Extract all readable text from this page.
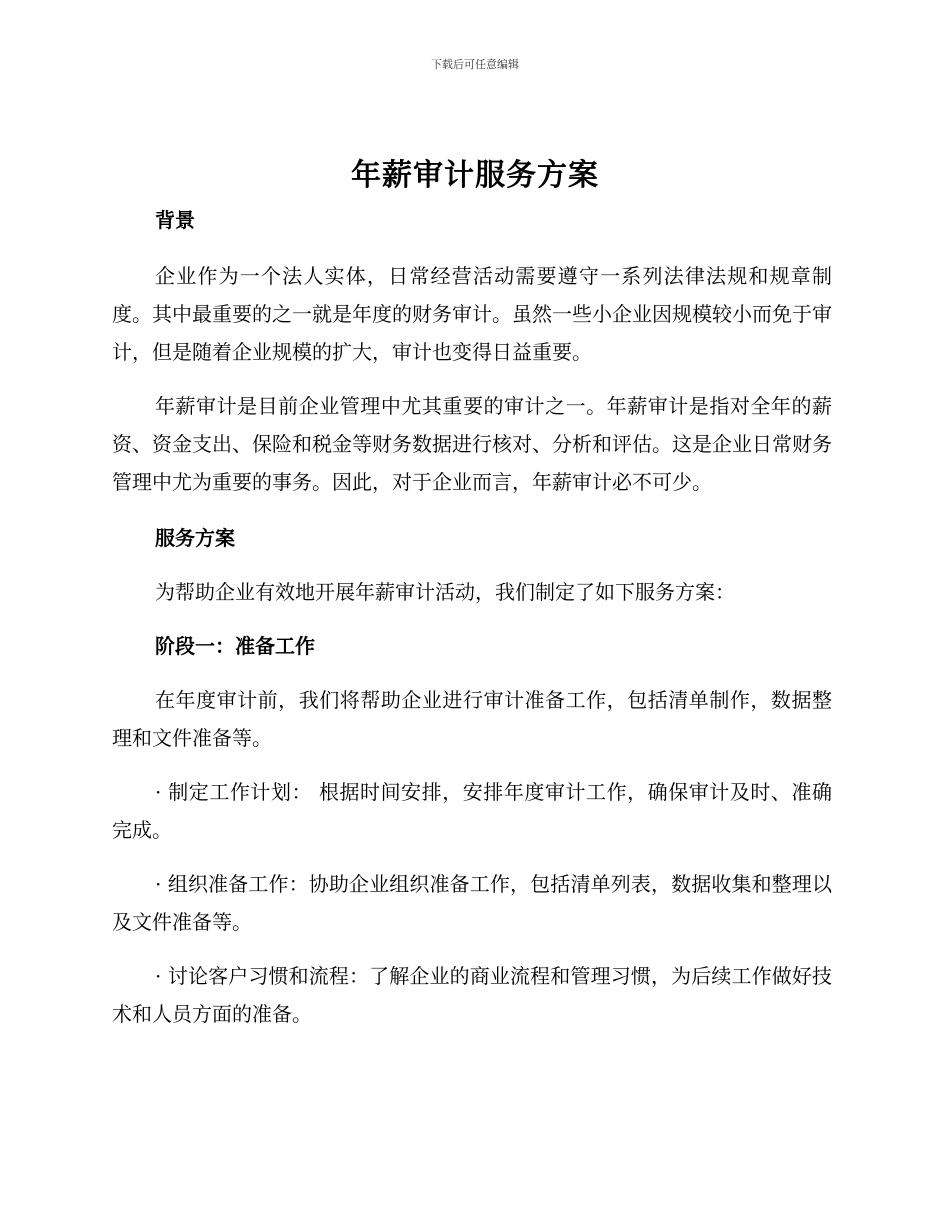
下载后可任意编辑
年薪审计服务方案

背景

企业作为一个法人实体，日常经营活动需要遵守一系列法律法规和规章制度。其中最重要的之一就是年度的财务审计。虽然一些小企业因规模较小而免于审计，但是随着企业规模的扩大，审计也变得日益重要。

年薪审计是目前企业管理中尤其重要的审计之一。年薪审计是指对全年的薪资、资金支出、保险和税金等财务数据进行核对、分析和评估。这是企业日常财务管理中尤为重要的事务。因此，对于企业而言，年薪审计必不可少。

服务方案

为帮助企业有效地开展年薪审计活动，我们制定了如下服务方案：

阶段一：准备工作

在年度审计前，我们将帮助企业进行审计准备工作，包括清单制作，数据整理和文件准备等。

· 制定工作计划： 根据时间安排，安排年度审计工作，确保审计及时、准确完成。

· 组织准备工作：协助企业组织准备工作，包括清单列表，数据收集和整理以及文件准备等。

· 讨论客户习惯和流程：了解企业的商业流程和管理习惯，为后续工作做好技术和人员方面的准备。
